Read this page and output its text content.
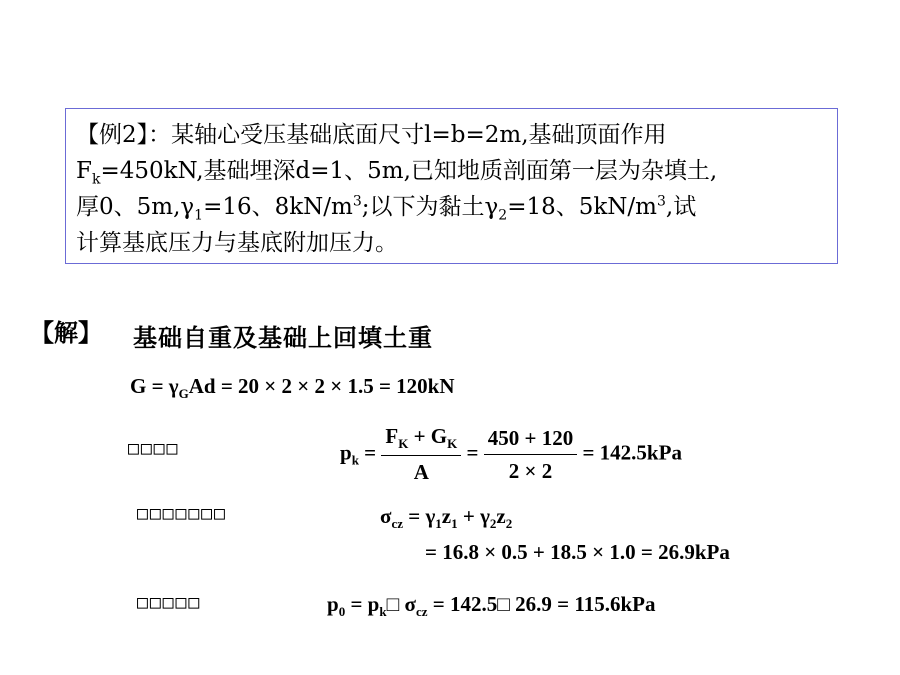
【例2】：某轴心受压基础底面尺寸l=b=2m,基础顶面作用
$F_k=450kN$,基础埋深d=1、5m,已知地质剖面第一层为杂填土,
厚0、$5m,\gamma_1=16$、$8kN/m^3$;以下为黏土$\gamma_2=18$、$5kN/m^3$,试
计算基底压力与基底附加压力。
【解】 基础自重及基础上回填土重
$G = \gamma_GAd = 20 \times 2 \times 2 \times 1.5 = 120kN$
□□□□	$p_k = \frac{F_K + G_K}{A} = \frac{450 + 120}{2 \times 2} = 142.5kPa$
□□□□□□□	$\sigma_{cz} = \gamma_1z_1 + \gamma_2z_2$
= 16.8 × 0.5 + 18.5 × 1.0 = 26.9kPa
□□□□□	$p_0$ = $p_k□$ $\sigma_{cz}$ = 142.5□ 26.9 = 115.6kPa
